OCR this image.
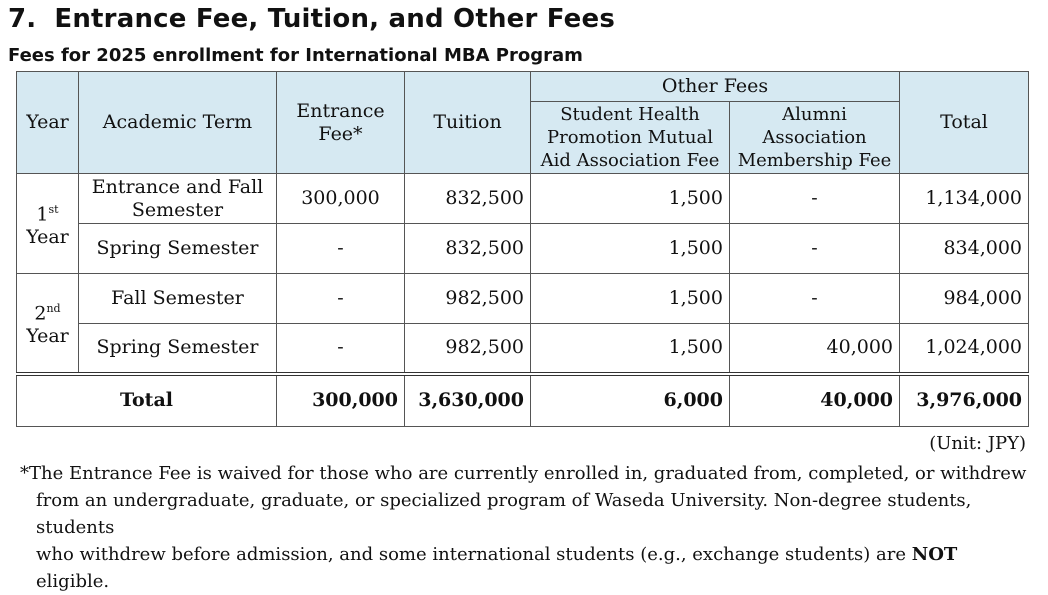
7. Entrance Fee, Tuition, and Other Fees
Fees for 2025 enrollment for International MBA Program
Year	Academic Term	Entrance Fee*	Tuition	Other Fees		Total
				Student Health Promotion Mutual Aid Association Fee	Alumni Association Membership Fee	
1st
Year	Entrance and Fall Semester	300,000	832,500	1,500	-	1,134,000
	Spring Semester	-	832,500	1,500	-	834,000
2nd
Year	Fall Semester	-	982,500	1,500	-	984,000
	Spring Semester	-	982,500	1,500	40,000	1,024,000
Total		300,000	3,630,000	6,000	40,000	3,976,000
(Unit: JPY)
*The Entrance Fee is waived for those who are currently enrolled in, graduated from, completed, or withdrew
from an undergraduate, graduate, or specialized program of Waseda University. Non-degree students, students
who withdrew before admission, and some international students (e.g., exchange students) are NOT eligible.
